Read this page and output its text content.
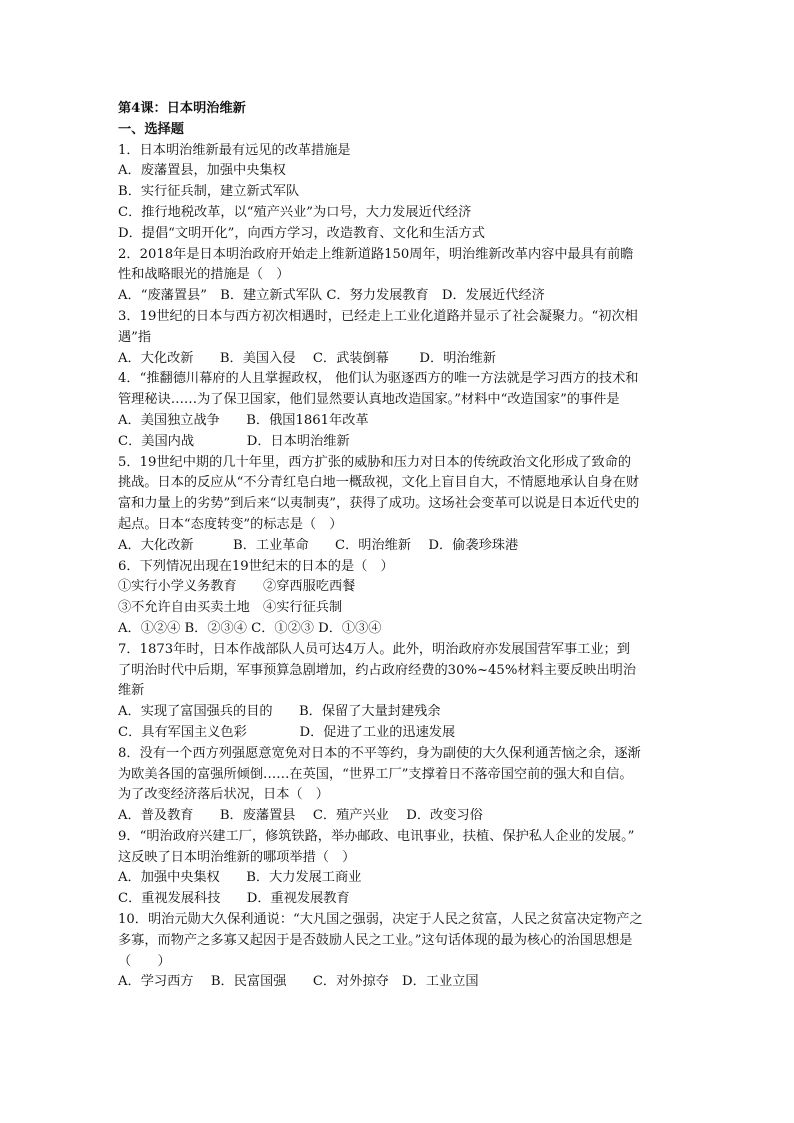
第4课：日本明治维新
一、选择题
1．日本明治维新最有远见的改革措施是
A．废藩置县，加强中央集权
B．实行征兵制，建立新式军队
C．推行地税改革，以“殖产兴业”为口号，大力发展近代经济
D．提倡“文明开化”，向西方学习，改造教育、文化和生活方式
2．2018年是日本明治政府开始走上维新道路150周年，明治维新改革内容中最具有前瞻
性和战略眼光的措施是（　）
A．“废藩置县”　B．建立新式军队 C．努力发展教育　D．发展近代经济
3．19世纪的日本与西方初次相遇时，已经走上工业化道路并显示了社会凝聚力。“初次相
遇”指
A．大化改新　　B．美国入侵　 C．武装倒幕　　 D．明治维新
4．“推翻德川幕府的人且掌握政权， 他们认为驱逐西方的唯一方法就是学习西方的技术和
管理秘诀……为了保卫国家，他们显然要认真地改造国家。”材料中“改造国家”的事件是
A．美国独立战争　　B．俄国1861年改革
C．美国内战　　　　D．日本明治维新
5．19世纪中期的几十年里，西方扩张的威胁和压力对日本的传统政治文化形成了致命的
挑战。日本的反应从“不分青红皂白地一概敌视，文化上盲目自大，不情愿地承认自身在财
富和力量上的劣势”到后来“以夷制夷”，获得了成功。这场社会变革可以说是日本近代史的
起点。日本“态度转变”的标志是（　）
A．大化改新　　　B．工业革命　　C．明治维新　 D．偷袭珍珠港
6．下列情况出现在19世纪末的日本的是（　）
①实行小学义务教育　　②穿西服吃西餐
③不允许自由买卖土地　④实行征兵制
A．①②④ B．②③④ C．①②③ D．①③④
7．1873年时，日本作战部队人员可达4万人。此外，明治政府亦发展国营军事工业；到
了明治时代中后期，军事预算急剧增加，约占政府经费的30%~45%材料主要反映出明治
维新
A．实现了富国强兵的目的　　B．保留了大量封建残余
C．具有军国主义色彩　　　　D．促进了工业的迅速发展
8．没有一个西方列强愿意宽免对日本的不平等约，身为副使的大久保利通苦恼之余，逐渐
为欧美各国的富强所倾倒……在英国，“世界工厂”支撑着日不落帝国空前的强大和自信。
为了改变经济落后状况，日本（　）
A．普及教育　　B．废藩置县　 C．殖产兴业　 D．改变习俗
9．“明治政府兴建工厂，修筑铁路，举办邮政、电讯事业，扶植、保护私人企业的发展。”
这反映了日本明治维新的哪项举措（　）
A．加强中央集权　　B．大力发展工商业
C．重视发展科技　　D．重视发展教育
10．明治元勋大久保利通说：“大凡国之强弱，决定于人民之贫富，人民之贫富决定物产之
多寡，而物产之多寡又起因于是否鼓励人民之工业。”这句话体现的最为核心的治国思想是
（　　）
A．学习西方　 B．民富国强　　C．对外掠夺　D．工业立国
